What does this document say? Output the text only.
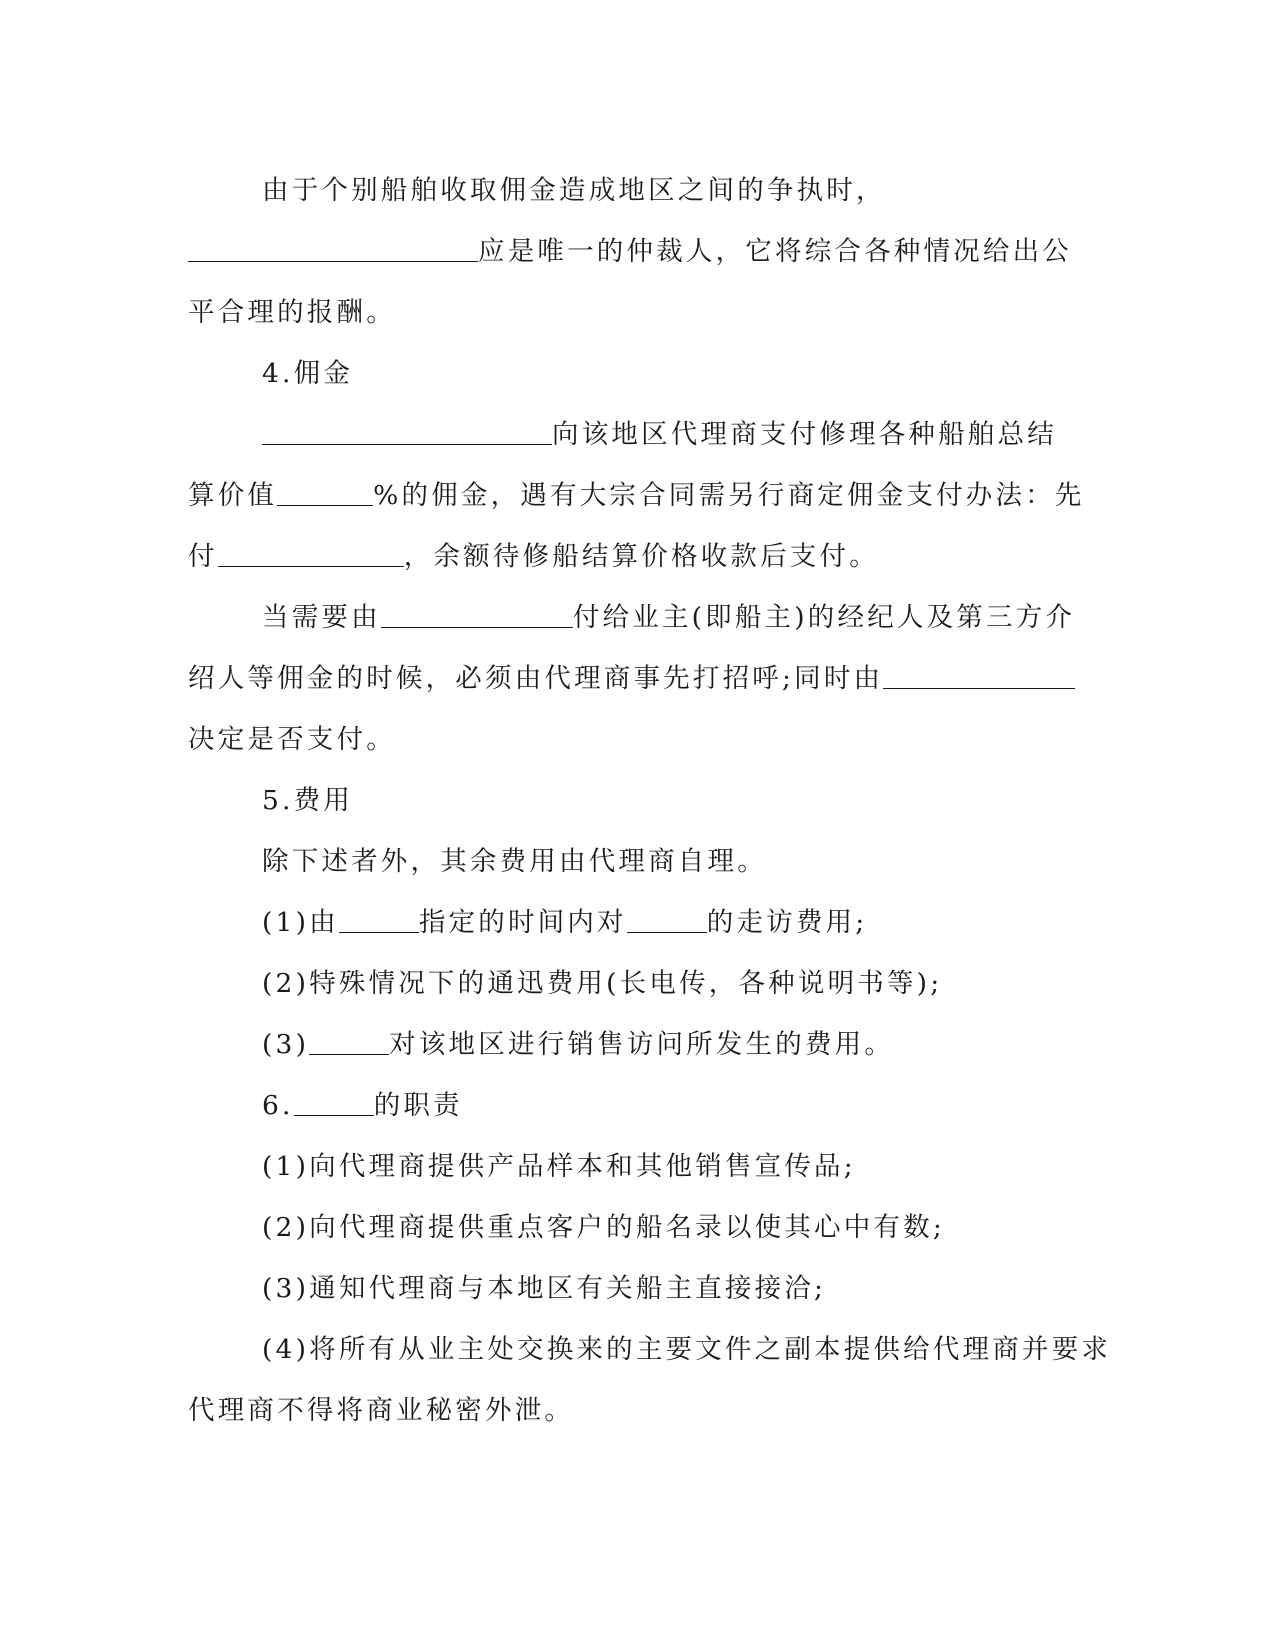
由于个别船舶收取佣金造成地区之间的争执时，

应是唯一的仲裁人，它将综合各种情况给出公

平合理的报酬。

4.佣金

向该地区代理商支付修理各种船舶总结

算价值	%的佣金，遇有大宗合同需另行商定佣金支付办法：先

付	，余额待修船结算价格收款后支付。

当需要由	付给业主(即船主)的经纪人及第三方介

绍人等佣金的时候，必须由代理商事先打招呼;同时由

决定是否支付。

5.费用

除下述者外，其余费用由代理商自理。

(1)由	指定的时间内对	的走访费用;

(2)特殊情况下的通迅费用(长电传，各种说明书等);

(3)	对该地区进行销售访问所发生的费用。

6.	的职责

(1)向代理商提供产品样本和其他销售宣传品;

(2)向代理商提供重点客户的船名录以使其心中有数;

(3)通知代理商与本地区有关船主直接接洽;

(4)将所有从业主处交换来的主要文件之副本提供给代理商并要求

代理商不得将商业秘密外泄。
